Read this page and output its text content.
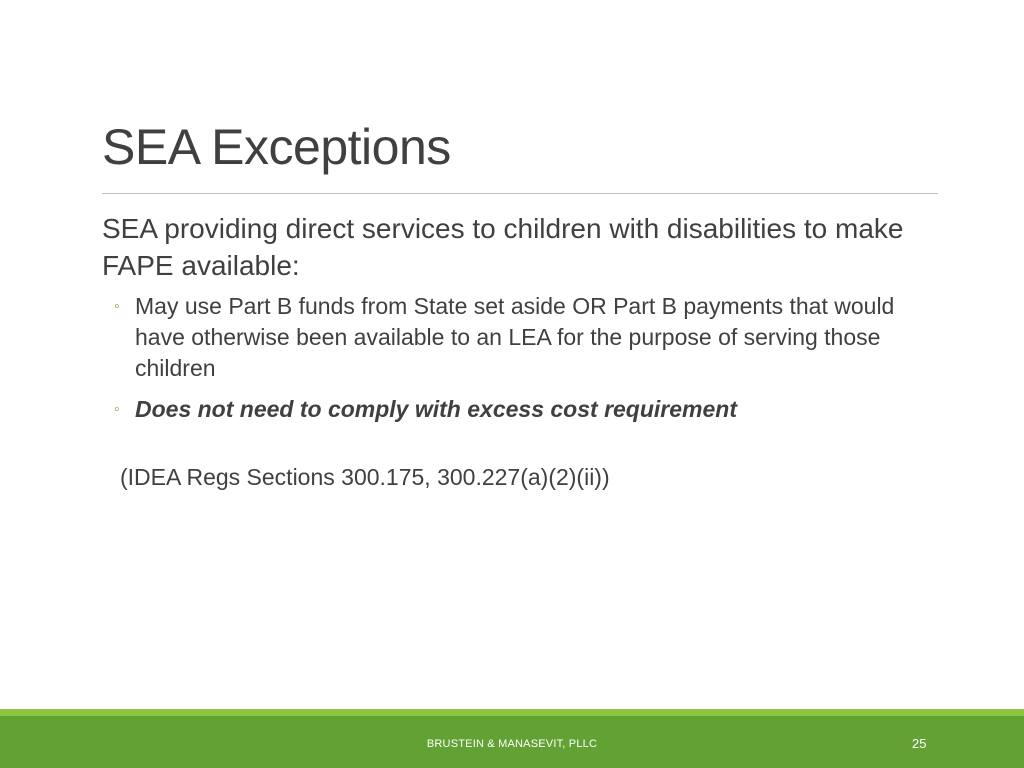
SEA Exceptions

SEA providing direct services to children with disabilities to make FAPE available:

◦ May use Part B funds from State set aside OR Part B payments that would have otherwise been available to an LEA for the purpose of serving those children
◦ Does not need to comply with excess cost requirement
(IDEA Regs Sections 300.175, 300.227(a)(2)(ii))
BRUSTEIN & MANASEVIT, PLLC	25
